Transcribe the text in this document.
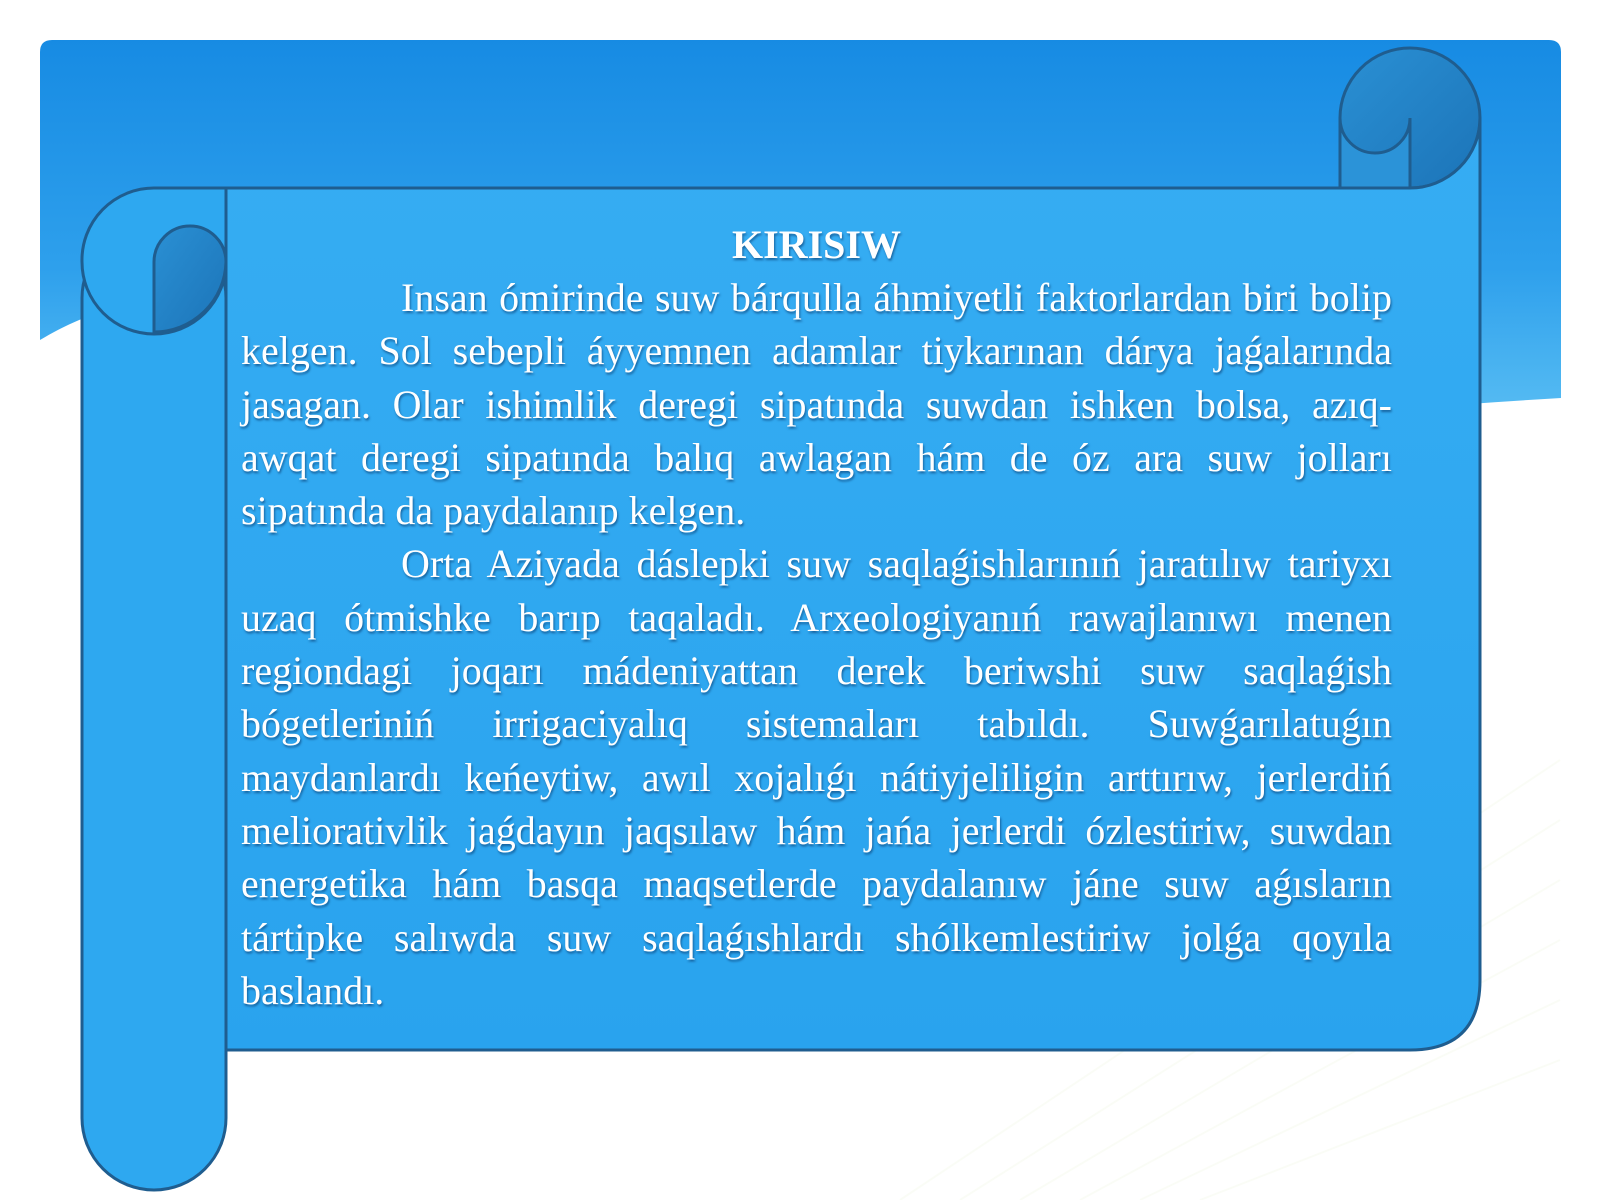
KIRISIW

Insan ómirinde suw bárqulla áhmiyetli faktorlardan biri bolip kelgen. Sol sebepli áyyemnen adamlar tiykarınan dárya jaǵalarında jasagan. Olar ishimlik deregi sipatında suwdan ishken bolsa, azıq-awqat deregi sipatında balıq awlagan hám de óz ara suw jolları sipatında da paydalanıp kelgen.

Orta Aziyada dáslepki suw saqlaǵishlarınıń jaratılıw tariyxı uzaq ótmishke barıp taqaladı. Arxeologiyanıń rawajlanıwı menen regiondagi joqarı mádeniyattan derek beriwshi suw saqlaǵish bógetleriniń irrigaciyalıq sistemaları tabıldı. Suwǵarılatuǵın maydanlardı keńeytiw, awıl xojalıǵı nátiyjeliligin arttırıw, jerlerdiń meliorativlik jaǵdayın jaqsılaw hám jańa jerlerdi ózlestiriw, suwdan energetika hám basqa maqsetlerde paydalanıw jáne suw aǵısların tártipke salıwda suw saqlaǵıshlardı shólkemlestiriw jolǵa qoyıla baslandı.
